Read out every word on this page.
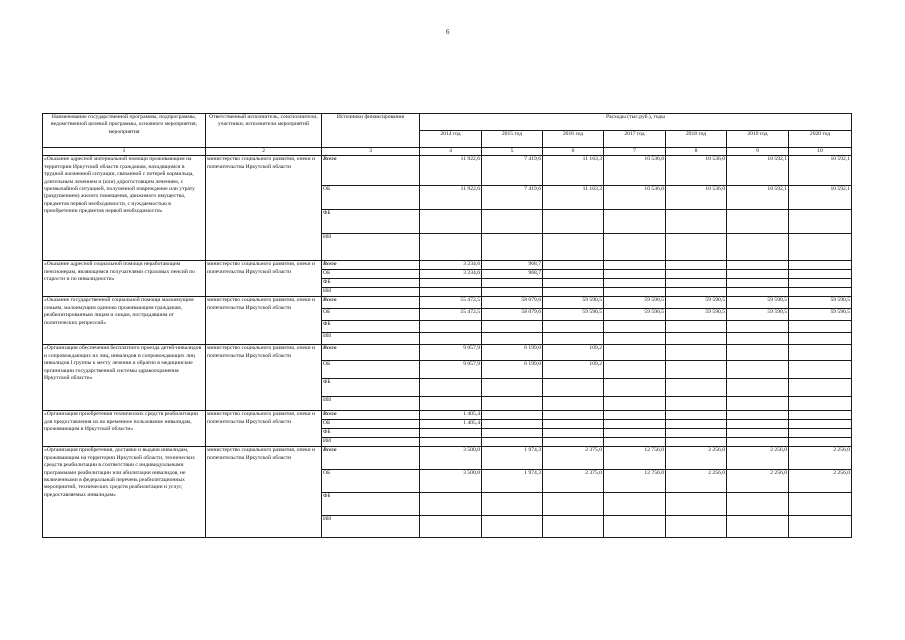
6
Наименование государственной программы, подпрограммы, ведомственной целевой программы, основного мероприятия, мероприятия	Ответственный исполнитель, соисполнители, участники, исполнители мероприятий	Источники финансирования	Расходы (тыс.руб.), годы						
			2014 год	2015 год	2016 год	2017 год	2018 год	2019 год	2020 год
1	2	3	4	5	6	7	8	9	10
«Оказание адресной материальной помощи проживающим на территории Иркутской области гражданам, находящимся в трудной жизненной ситуации, связанной с потерей кормильца, длительным лечением и (или) дорогостоящим лечением, с чрезвычайной ситуацией, полученной повреждение или утрату (разрушением) жилого помещения, движимого имущества, предметов первой необходимости, с нуждаемостью в приобретении предметов первой необходимости»	министерство социального развития, опеки и попечительства Иркутской области	Всего	11 922,6	7 419,6	11 163,3	10 536,0	10 536,0	10 592,1	10 592,1
		ОБ	11 922,6	7 419,6	11 163,3	10 536,0	10 536,0	10 592,1	10 592,1
		ФБ							
		ИИ							
«Оказание адресной социальной помощи неработающим пенсионерам, являющимся получателями страховых пенсий по старости и по инвалидности»	министерство социального развития, опеки и попечительства Иркутской области	Всего	3 234,6	968,7					
		ОБ	3 234,6	968,7					
		ФБ							
		ИИ							
«Оказание государственной социальной помощи малоимущим семьям, малоимущим одиноко проживающим гражданам, реабилитированным лицам и лицам, пострадавшим от политических репрессий»	министерство социального развития, опеки и попечительства Иркутской области	Всего	55 472,5	58 079,6	59 590,5	59 590,5	59 590,5	59 590,5	59 590,5
		ОБ	55 472,5	58 079,6	59 590,5	59 590,5	59 590,5	59 590,5	59 590,5
		ФБ							
		ИИ							
«Организация обеспечения бесплатного проезда детей-инвалидов и сопровождающих их лиц, инвалидов и сопровождающих лиц инвалидов I группы к месту лечения и обратно в медицинские организации государственной системы здравоохранения Иркутской области»	министерство социального развития, опеки и попечительства Иркутской области	Всего	9 057,9	6 199,0	109,2				
		ОБ	9 057,9	6 199,0	109,2				
		ФБ							
		ИИ							
«Организация приобретения технических средств реабилитации для предоставления их во временное пользование инвалидам, проживающим в Иркутской области»	министерство социального развития, опеки и попечительства Иркутской области	Всего	1 405,4						
		ОБ	1 405,4						
		ФБ							
		ИИ							
«Организация приобретения, доставки и выдачи инвалидам, проживающим на территории Иркутской области, технических средств реабилитации в соответствии с индивидуальными программами реабилитации или абилитации инвалидов, не включенными в федеральный перечень реабилитационных мероприятий, технических средств реабилитации и услуг, предоставляемых инвалидам»	министерство социального развития, опеки и попечительства Иркутской области	Всего	3 500,0	1 974,3	2 375,0	12 756,0	2 256,0	2 256,0	2 256,0
		ОБ	3 500,0	1 974,3	2 375,0	12 756,0	2 256,0	2 256,0	2 256,0
		ФБ							
		ИИ							
